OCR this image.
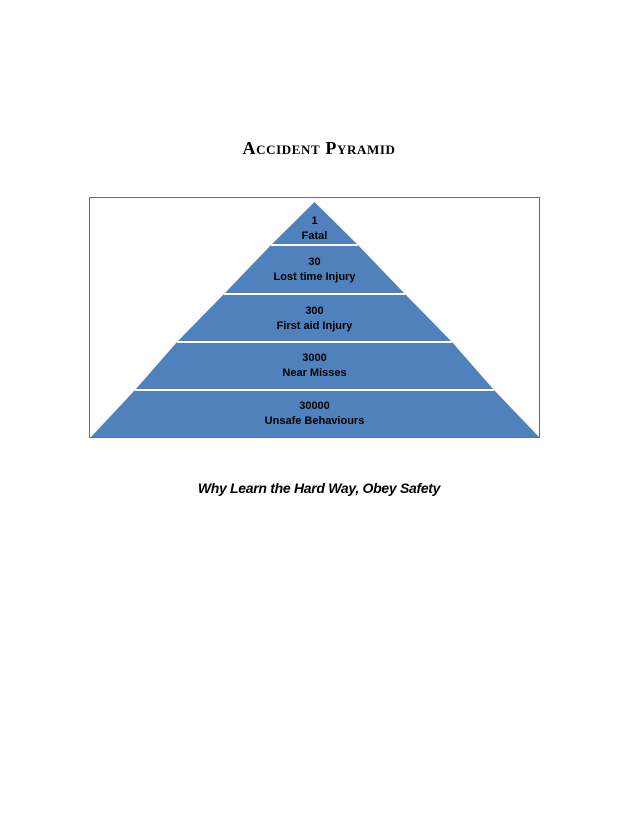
Accident Pyramid
1
Fatal
30
Lost time Injury
300
First aid Injury
3000
Near Misses
30000
Unsafe Behaviours
Why Learn the Hard Way, Obey Safety
